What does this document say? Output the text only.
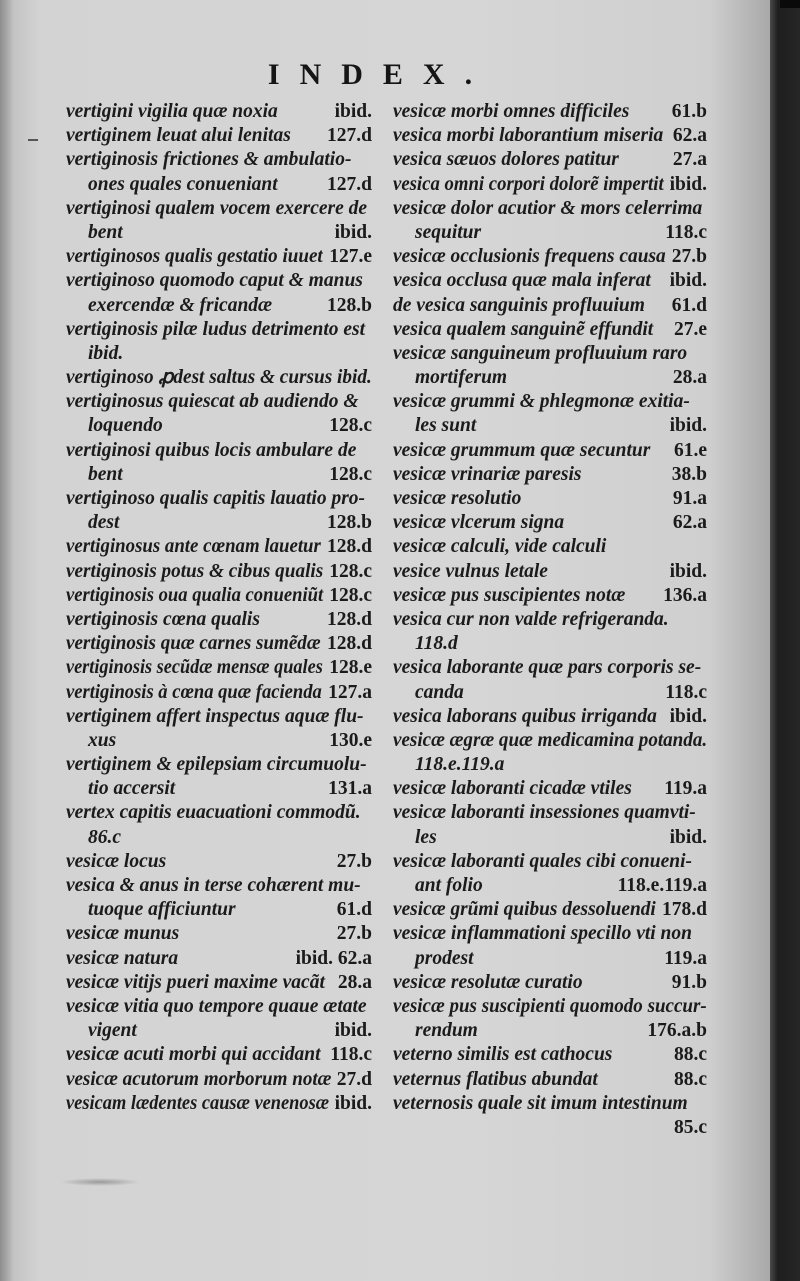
INDEX.
vertigini vigilia quæ noxia	ibid.
vertiginem leuat alui lenitas 127.d
vertiginosis frictiones & ambulatio-
ones quales conueniant	127.d
vertiginosi qualem vocem exercere de
bent	ibid.
vertiginosos qualis gestatio iuuet 127.e
vertiginoso quomodo caput & manus
exercendæ & fricandæ	128.b
vertiginosis pilæ ludus detrimento est
ibid.
vertiginoso ꝓdest saltus & cursus ibid.
vertiginosus quiescat ab audiendo &
loquendo	128.c
vertiginosi quibus locis ambulare de
bent	128.c
vertiginoso qualis capitis lauatio pro-
dest	128.b
vertiginosus ante cœnam lauetur 128.d
vertiginosis potus & cibus qualis 128.c
vertiginosis oua qualia conueniũt 128.c
vertiginosis cœna qualis	128.d
vertiginosis quæ carnes sumẽdæ 128.d
vertiginosis secũdæ mensæ quales 128.e
vertiginosis à cœna quæ facienda 127.a
vertiginem affert inspectus aquæ flu-
xus	130.e
vertiginem & epilepsiam circumuolu-
tio accersit	131.a
vertex capitis euacuationi commodũ.
86.c
vesicæ locus	27.b
vesica & anus in terse cohærent mu-
tuoque afficiuntur	61.d
vesicæ munus	27.b
vesicæ natura	ibid. 62.a
vesicæ vitijs pueri maxime vacãt 28.a
vesicæ vitia quo tempore quaue ætate
vigent	ibid.
vesicæ acuti morbi qui accidant 118.c
vesicæ acutorum morborum notæ 27.d
vesicam lædentes causæ venenosæ ibid.
vesicæ morbi omnes difficiles 61.b
vesica morbi laborantium miseria 62.a
vesica sæuos dolores patitur	27.a
vesica omni corpori dolorẽ impertit ibid.
vesicæ dolor acutior & mors celerrima
sequitur	118.c
vesicæ occlusionis frequens causa 27.b
vesica occlusa quæ mala inferat ibid.
de vesica sanguinis profluuium 61.d
vesica qualem sanguinẽ effundit 27.e
vesicæ sanguineum profluuium raro
mortiferum	28.a
vesicæ grummi & phlegmonæ exitia-
les sunt	ibid.
vesicæ grummum quæ secuntur 61.e
vesicæ vrinariæ paresis	38.b
vesicæ resolutio	91.a
vesicæ vlcerum signa	62.a
vesicæ calculi, vide calculi
vesice vulnus letale	ibid.
vesicæ pus suscipientes notæ 136.a
vesica cur non valde refrigeranda.
118.d
vesica laborante quæ pars corporis se-
canda	118.c
vesica laborans quibus irriganda ibid.
vesicæ ægræ quæ medicamina potanda.
118.e.119.a
vesicæ laboranti cicadæ vtiles 119.a
vesicæ laboranti insessiones quamvti-
les	ibid.
vesicæ laboranti quales cibi conueni-
ant folio	118.e.119.a
vesicæ grũmi quibus dessoluendi 178.d
vesicæ inflammationi specillo vti non
prodest	119.a
vesicæ resolutæ curatio	91.b
vesicæ pus suscipienti quomodo succur-
rendum	176.a.b
veterno similis est cathocus	88.c
veternus flatibus abundat	88.c
veternosis quale sit imum intestinum
85.c
